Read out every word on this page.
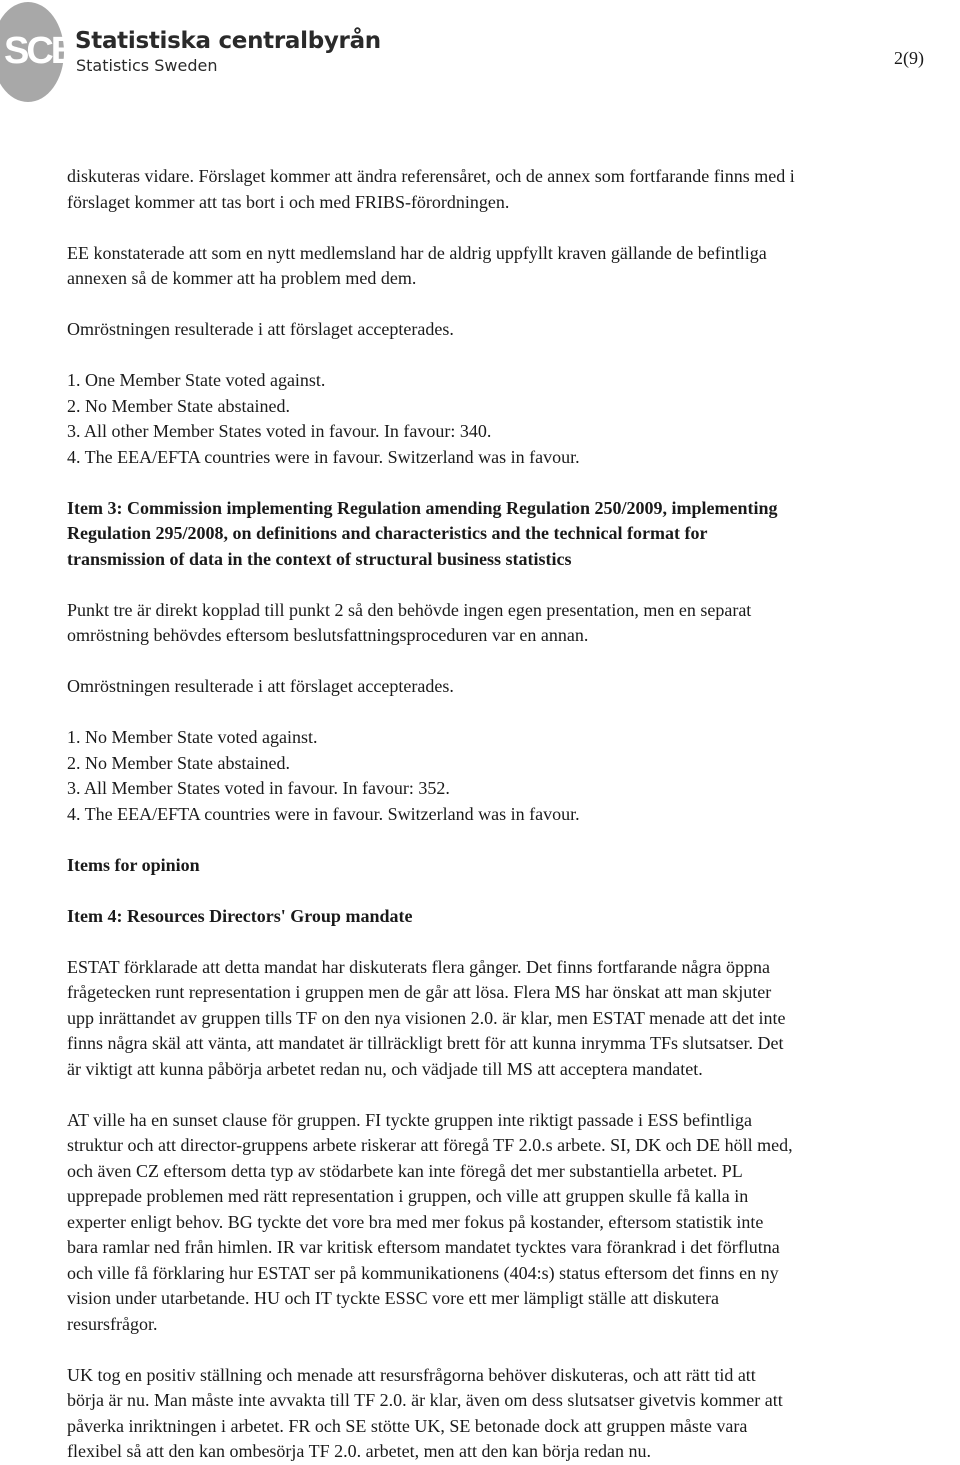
SCB Statistiska centralbyrån
Statistics Sweden	2(9)

diskuteras vidare. Förslaget kommer att ändra referensåret, och de annex som fortfarande finns med i

förslaget kommer att tas bort i och med FRIBS-förordningen.

EE konstaterade att som en nytt medlemsland har de aldrig uppfyllt kraven gällande de befintliga

annexen så de kommer att ha problem med dem.

Omröstningen resulterade i att förslaget accepterades.

1. One Member State voted against.

2. No Member State abstained.

3. All other Member States voted in favour. In favour: 340.

4. The EEA/EFTA countries were in favour. Switzerland was in favour.

Item 3: Commission implementing Regulation amending Regulation 250/2009, implementing

Regulation 295/2008, on definitions and characteristics and the technical format for

transmission of data in the context of structural business statistics

Punkt tre är direkt kopplad till punkt 2 så den behövde ingen egen presentation, men en separat

omröstning behövdes eftersom beslutsfattningsproceduren var en annan.

Omröstningen resulterade i att förslaget accepterades.

1. No Member State voted against.

2. No Member State abstained.

3. All Member States voted in favour. In favour: 352.

4. The EEA/EFTA countries were in favour. Switzerland was in favour.

Items for opinion

Item 4: Resources Directors' Group mandate

ESTAT förklarade att detta mandat har diskuterats flera gånger. Det finns fortfarande några öppna

frågetecken runt representation i gruppen men de går att lösa. Flera MS har önskat att man skjuter

upp inrättandet av gruppen tills TF on den nya visionen 2.0. är klar, men ESTAT menade att det inte

finns några skäl att vänta, att mandatet är tillräckligt brett för att kunna inrymma TFs slutsatser. Det

är viktigt att kunna påbörja arbetet redan nu, och vädjade till MS att acceptera mandatet.

AT ville ha en sunset clause för gruppen. FI tyckte gruppen inte riktigt passade i ESS befintliga

struktur och att director-gruppens arbete riskerar att föregå TF 2.0.s arbete. SI, DK och DE höll med,

och även CZ eftersom detta typ av stödarbete kan inte föregå det mer substantiella arbetet. PL

upprepade problemen med rätt representation i gruppen, och ville att gruppen skulle få kalla in

experter enligt behov. BG tyckte det vore bra med mer fokus på kostander, eftersom statistik inte

bara ramlar ned från himlen. IR var kritisk eftersom mandatet tycktes vara förankrad i det förflutna

och ville få förklaring hur ESTAT ser på kommunikationens (404:s) status eftersom det finns en ny

vision under utarbetande. HU och IT tyckte ESSC vore ett mer lämpligt ställe att diskutera

resursfrågor.

UK tog en positiv ställning och menade att resursfrågorna behöver diskuteras, och att rätt tid att

börja är nu. Man måste inte avvakta till TF 2.0. är klar, även om dess slutsatser givetvis kommer att

påverka inriktningen i arbetet. FR och SE stötte UK, SE betonade dock att gruppen måste vara

flexibel så att den kan ombesörja TF 2.0. arbetet, men att den kan börja redan nu.
